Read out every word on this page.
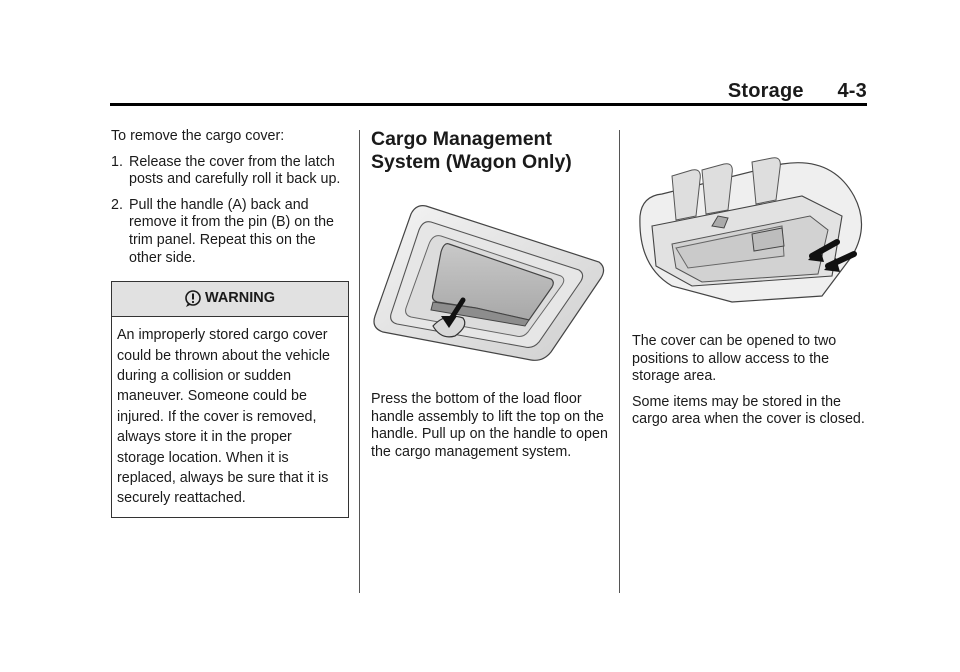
Storage 4-3

To remove the cargo cover:

1. Release the cover from the latch posts and carefully roll it back up.
2. Pull the handle (A) back and remove it from the pin (B) on the trim panel. Repeat this on the other side.
WARNING
An improperly stored cargo cover could be thrown about the vehicle during a collision or sudden maneuver. Someone could be injured. If the cover is removed, always store it in the proper storage location. When it is replaced, always be sure that it is securely reattached.
Cargo Management System (Wagon Only)
Press the bottom of the load floor handle assembly to lift the top on the handle. Pull up on the handle to open the cargo management system.

The cover can be opened to two positions to allow access to the storage area.

Some items may be stored in the cargo area when the cover is closed.
